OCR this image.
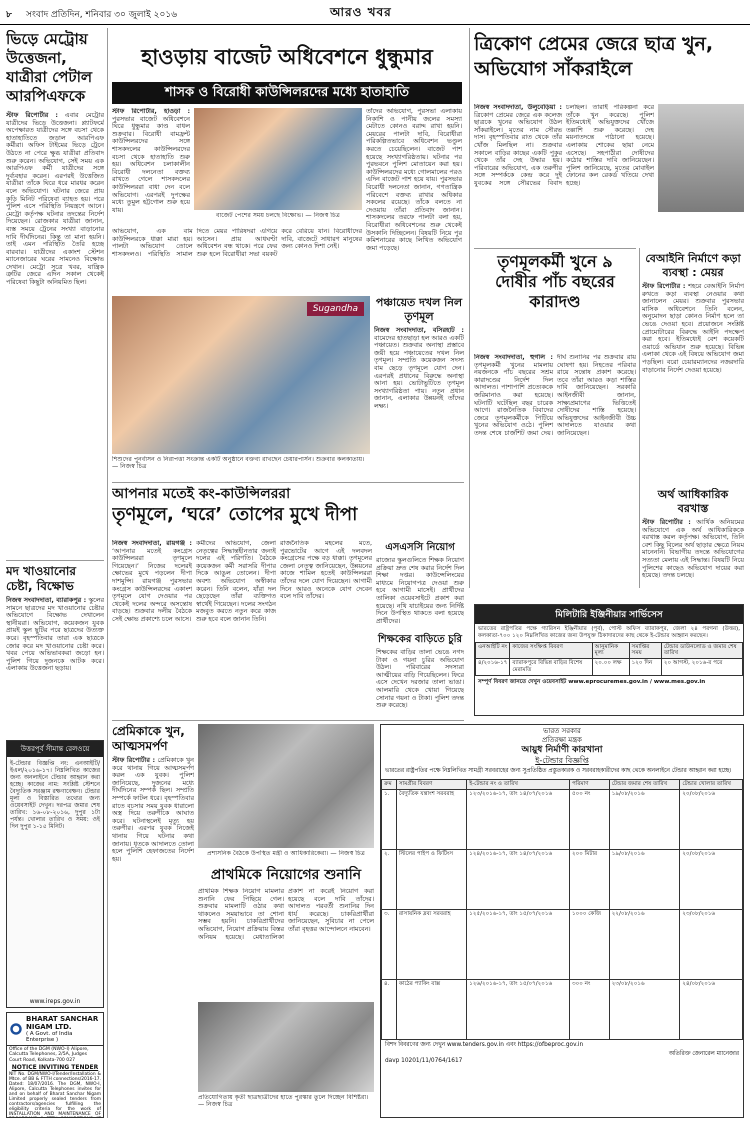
৮ সংবাদ প্রতিদিন, শনিবার ৩০ জুলাই ২০১৬	আরও খবর
ভিড়ে মেট্রোয় উত্তেজনা, যাত্রীরা পেটাল আরপিএফকে
স্টাফ রিপোর্টার : এবার মেট্রোর যাত্রীদের ভিড়ে উত্তেজনা। প্ল্যাটফর্মে অপেক্ষারত যাত্রীদের সঙ্গে বচসা থেকে হাতাহাতিতে জড়াল আরপিএফ কর্মীরা। অফিস টাইমের ভিড়ে ট্রেনে উঠতে না পেরে ক্ষুব্ধ যাত্রীরা প্রতিবাদ শুরু করেন। অভিযোগ, সেই সময় এক আরপিএফ কর্মী যাত্রীদের সঙ্গে দুর্ব্যবহার করেন। এরপরই উত্তেজিত যাত্রীরা তাঁকে ঘিরে ধরে মারধর করেন বলে অভিযোগ। ঘটনার জেরে প্রায় কুড়ি মিনিট পরিষেবা ব্যাহত হয়। পরে পুলিশ এসে পরিস্থিতি নিয়ন্ত্রণে আনে। মেট্রো কর্তৃপক্ষ ঘটনার তদন্তের নির্দেশ দিয়েছেন। রোজকার যাত্রীরা জানান, ব্যস্ত সময়ে ট্রেনের সংখ্যা বাড়ানোর দাবি দীর্ঘদিনের। কিন্তু তা মানা হয়নি। তাই এমন পরিস্থিতি তৈরি হচ্ছে বারবার। যাত্রীদের একাংশ স্টেশন ম্যানেজারের ঘরের সামনেও বিক্ষোভ দেখান। মেট্রো সূত্রে খবর, যান্ত্রিক ত্রুটির জেরে এদিন সকাল থেকেই পরিষেবা কিছুটা অনিয়মিত ছিল।
মদ খাওয়ানোর চেষ্টা, বিক্ষোভ
নিজস্ব সংবাদদাতা, ব্যারাকপুর : স্কুলের সামনে ছাত্রদের মদ খাওয়ানোর চেষ্টার অভিযোগে বিক্ষোভ দেখালেন স্থানীয়রা। অভিযোগ, কয়েকজন যুবক প্রায়ই স্কুল ছুটির পরে ছাত্রদের উত্যক্ত করে। বৃহস্পতিবার তারা এক ছাত্রকে জোর করে মদ খাওয়ানোর চেষ্টা করে। খবর পেয়ে অভিভাবকরা জড়ো হন। পুলিশ গিয়ে দুজনকে আটক করে। এলাকায় উত্তেজনা ছড়ায়।
উত্তরপূর্ব সীমান্ত রেলওয়ে
ই-টেন্ডার বিজ্ঞপ্তি নং: এনআইটি/ইএল/২০১৬-১৭। নিম্নলিখিত কাজের জন্য অনলাইনে টেন্ডার আহ্বান করা হচ্ছে। কাজের নাম: সংশ্লিষ্ট স্টেশনে বৈদ্যুতিক সরঞ্জাম রক্ষণাবেক্ষণ। টেন্ডার মূল্য ও বিস্তারিত তথ্যের জন্য ওয়েবসাইট দেখুন। দরপত্র জমার শেষ তারিখ: ১৬-০৮-২০১৬, দুপুর ১টা পর্যন্ত। খোলার তারিখ ও সময়: ওই দিন দুপুর ১-১৫ মিনিট।
www.ireps.gov.in
BHARAT SANCHAR NIGAM LTD.
( A Govt. of India Enterprise )
Office of the DGM (NWO-I) Alipore, Calcutta Telephones, 2/5A, Judges Court Road, Kolkata-700 027
NOTICE INVITING TENDER
NIT No. DGM/NWO-I/Tender/Installation & Mtce. of BB & FTTH connections/2016-17. Dated: 18/07/2016. The DGM, NWO-I, Alipore, Calcutta Telephones invites for and on behalf of Bharat Sanchar Nigam Limited properly sealed tenders from contractors/agencies fulfilling the eligibility criteria for the work of INSTALLATION AND MAINTENANCE OF
হাওড়ায় বাজেট অধিবেশনে ধুন্ধুমার
শাসক ও বিরোধী কাউন্সিলরদের মধ্যে হাতাহাতি
স্টাফ রিপোর্টার, হাওড়া : পুরসভার বাজেট অধিবেশনে ঘিরে ধুন্ধুমার কাণ্ড বাধল শুক্রবার। বিরোধী বামফ্রন্ট কাউন্সিলরদের সঙ্গে শাসকদলের কাউন্সিলরদের বচসা থেকে হাতাহাতি শুরু হয়। অধিবেশন চলাকালীন বিরোধী দলনেতা বক্তব্য রাখতে গেলে শাসকদলের কাউন্সিলররা বাধা দেন বলে অভিযোগ। এরপরই দুপক্ষের মধ্যে তুমুল হট্টগোল শুরু হয়ে যায়।
বাজেট পেশের সময় চলছে বিক্ষোভ। — নিজস্ব চিত্র
অভিযোগ, এক বাম কাউন্সিলরকে ধাক্কা মারা হয়। পালটা অভিযোগ তোলে শাসকদলও। পরিস্থিতি সামাল দিতে মেয়র পারিষদরা এগিয়ে আসেন। প্রায় আধঘণ্টা অধিবেশন বন্ধ থাকে। পরে ফের শুরু হলে বিরোধীরা সভা বয়কট করে বেরিয়ে যান। বিরোধীদের দাবি, বাজেটে সাধারণ মানুষের জন্য কোনও দিশা নেই।
তাঁদের অভিযোগ, পুরসভা এলাকায় নিকাশি ও পানীয় জলের সমস্যা মেটাতে কোনও বরাদ্দ রাখা হয়নি। মেয়রের পালটা দাবি, বিরোধীরা পরিকল্পিতভাবে অধিবেশন ভণ্ডুল করতে চেয়েছিলেন। বাজেট পাশ হয়েছে সংখ্যাগরিষ্ঠতায়। ঘটনার পর পুরভবনে পুলিশ মোতায়েন করা হয়। কাউন্সিলরদের মধ্যে গোলমালের পরও এদিন বাজেট পাশ হয়ে যায়। পুরসভার বিরোধী দলনেতা জানান, গণতান্ত্রিক পরিবেশে বক্তব্য রাখার অধিকার সকলের রয়েছে। তাঁকে বলতে না দেওয়ায় তাঁরা প্রতিবাদ জানান। শাসকদলের তরফে পালটা বলা হয়, বিরোধীরা অধিবেশনের শুরু থেকেই উসকানি দিচ্ছিলেন। বিষয়টি নিয়ে পুর কমিশনারের কাছে লিখিত অভিযোগ জমা পড়েছে।
Sugandha
শিশুদের পুনর্বাসন ও নিরাপত্তা সংক্রান্ত একটি অনুষ্ঠানে বক্তব্য রাখছেন চেয়ারপার্সন। শুক্রবার কলকাতায়। — নিজস্ব চিত্র
পঞ্চায়েত দখল নিল তৃণমূল
নিজস্ব সংবাদদাতা, বসিরহাট : বামেদের হাতছাড়া হল আরও একটি পঞ্চায়েত। শুক্রবার অনাস্থা প্রস্তাবে জয়ী হয়ে পঞ্চায়েতের দখল নিল তৃণমূল। সম্প্রতি কয়েকজন সদস্য বাম ছেড়ে তৃণমূলে যোগ দেন। এরপরই প্রধানের বিরুদ্ধে অনাস্থা আনা হয়। ভোটাভুটিতে তৃণমূল সংখ্যাগরিষ্ঠতা পায়। নতুন প্রধান জানান, এলাকার উন্নয়নই তাঁদের লক্ষ্য।
আপনার মতেই কং-কাউন্সিলররা
তৃণমূলে, ‘ঘরে’ তোপের মুখে দীপা
নিজস্ব সংবাদদাতা, রায়গঞ্জ : ‘আপনার মতেই কংগ্রেস কাউন্সিলররা তৃণমূলে গিয়েছেন।’ নিজের দলেরই ক্ষোভের মুখে পড়লেন দীপা দাশমুন্সি। রায়গঞ্জ পুরসভার কংগ্রেস কাউন্সিলরদের একাংশ তৃণমূলে যোগ দেওয়ার পর থেকেই দলের অন্দরে অসন্তোষ বাড়ছে। শুক্রবার দলীয় বৈঠকে সেই ক্ষোভ প্রকাশ্যে চলে আসে।
কর্মীদের অভিযোগ, জেলা নেতৃত্বের সিদ্ধান্তহীনতার জন্যই দলের এই পরিণতি। বৈঠকে কয়েকজন কর্মী সরাসরি দীপার দিকে আঙুল তোলেন। দীপা অবশ্য অভিযোগ অস্বীকার করেন। তিনি বলেন, যাঁরা দল ছেড়েছেন তাঁরা ব্যক্তিগত স্বার্থেই গিয়েছেন। দলের সংগঠন মজবুত করতে নতুন করে কাজ শুরু হবে বলে জানান তিনি।
রাজনৈতিক মহলের মতে, পুরভোটের আগে এই দলবদল কংগ্রেসের পক্ষে বড় ধাক্কা। তৃণমূলের জেলা নেতৃত্ব জানিয়েছেন, উন্নয়নের কাজে শামিল হতেই কাউন্সিলররা তাঁদের দলে যোগ দিয়েছেন। আগামী দিনে আরও অনেকে যোগ দেবেন বলে দাবি তাঁদের।
এসএসসি নিয়োগ
রাজ্যের স্কুলগুলিতে শিক্ষক নিয়োগ প্রক্রিয়া দ্রুত শেষ করার নির্দেশ দিল শিক্ষা দপ্তর। কাউন্সেলিংয়ের মাধ্যমে নিয়োগপত্র দেওয়া শুরু হবে আগামী মাসেই। প্রার্থীদের তালিকা ওয়েবসাইটে প্রকাশ করা হয়েছে। নথি যাচাইয়ের জন্য নির্দিষ্ট দিনে উপস্থিত থাকতে বলা হয়েছে প্রার্থীদের।
শিক্ষকের বাড়িতে চুরি
শিক্ষকের বাড়ির তালা ভেঙে নগদ টাকা ও গয়না চুরির অভিযোগ উঠল। পরিবারের সদস্যরা আত্মীয়ের বাড়ি গিয়েছিলেন। ফিরে এসে দেখেন দরজার তালা ভাঙা। আলমারি থেকে খোয়া গিয়েছে সোনার গয়না ও টাকা। পুলিশ তদন্ত শুরু করেছে।
প্রেমিকাকে খুন, আত্মসমর্পণ
স্টাফ রিপোর্টার : প্রেমিকাকে খুন করে থানায় গিয়ে আত্মসমর্পণ করল এক যুবক। পুলিশ জানিয়েছে, দুজনের মধ্যে দীর্ঘদিনের সম্পর্ক ছিল। সম্প্রতি সম্পর্কে ফাটল ধরে। বৃহস্পতিবার রাতে বচসার সময় যুবক ধারালো অস্ত্র দিয়ে তরুণীকে আঘাত করে। ঘটনাস্থলেই মৃত্যু হয় তরুণীর। এরপর যুবক নিজেই থানায় গিয়ে ঘটনার কথা জানায়। ধৃতকে আদালতে তোলা হলে পুলিশি হেফাজতের নির্দেশ হয়।
প্রশাসনিক বৈঠকে উপস্থিত মন্ত্রী ও আধিকারিকেরা। — নিজস্ব চিত্র
প্রাথমিকে নিয়োগের শুনানি
প্রাথমিক শিক্ষক নিয়োগ মামলার শুনানি ফের পিছিয়ে গেল। শুক্রবার মামলাটি ওঠার কথা থাকলেও সময়াভাবে তা শোনা সম্ভব হয়নি। চাকরিপ্রার্থীদের অভিযোগ, নিয়োগ প্রক্রিয়ায় বিস্তর অনিয়ম হয়েছে। মেধাতালিকা প্রকাশ না করেই নিয়োগ করা হয়েছে বলে দাবি তাঁদের। আদালত পরবর্তী শুনানির দিন ধার্য করেছে। চাকরিপ্রার্থীরা জানিয়েছেন, সুবিচার না পেলে তাঁরা বৃহত্তর আন্দোলনে নামবেন।
প্রতিযোগিতায় কৃতী ছাত্রছাত্রীদের হাতে পুরস্কার তুলে দিচ্ছেন বিশিষ্টরা। — নিজস্ব চিত্র
ত্রিকোণ প্রেমের জেরে ছাত্র খুন, অভিযোগ সাঁকরাইলে
নিজস্ব সংবাদদাতা, উলুবেড়িয়া : ত্রিকোণ প্রেমের জেরে এক কলেজ ছাত্রকে খুনের অভিযোগ উঠল সাঁকরাইলে। মৃতের নাম সৌরভ দাস। বৃহস্পতিবার রাত থেকে তাঁর খোঁজ মিলছিল না। শুক্রবার সকালে বাড়ির কাছের একটি পুকুর থেকে তাঁর দেহ উদ্ধার হয়। পরিবারের অভিযোগ, এক তরুণীর সঙ্গে সম্পর্ককে কেন্দ্র করে দুই যুবকের সঙ্গে সৌরভের বিবাদ চলছিল। তারাই পরিকল্পনা করে তাঁকে খুন করেছে। পুলিশ ইতিমধ্যেই অভিযুক্তদের খোঁজে তল্লাশি শুরু করেছে। দেহ ময়নাতদন্তে পাঠানো হয়েছে। এলাকায় শোকের ছায়া নেমে এসেছে। সহপাঠীরা দোষীদের কঠোর শাস্তির দাবি জানিয়েছেন। পুলিশ জানিয়েছে, মৃতের মোবাইল ফোনের কল রেকর্ড খতিয়ে দেখা হচ্ছে।
তৃণমূলকর্মী খুনে ৯ দোষীর পাঁচ বছরের কারাদণ্ড
নিজস্ব সংবাদদাতা, হুগলি : তৃণমূলকর্মী খুনের মামলায় নয়জনকে পাঁচ বছরের সশ্রম কারাদণ্ডের নির্দেশ দিল আদালত। পাশাপাশি প্রত্যেককে জরিমানাও করা হয়েছে। ঘটনাটি ঘটেছিল বছর চারেক আগে। রাজনৈতিক বিবাদের জেরে তৃণমূলকর্মীকে পিটিয়ে খুনের অভিযোগ ওঠে। পুলিশ তদন্ত শেষে চার্জশিট জমা দেয়। দীর্ঘ শুনানির পর শুক্রবার রায় ঘোষণা হয়। নিহতের পরিবার রায়ে সন্তোষ প্রকাশ করেছে। তবে তাঁরা আরও কড়া শাস্তির দাবি জানিয়েছেন। সরকারি আইনজীবী জানান, সাক্ষ্যপ্রমাণের ভিত্তিতেই দোষীদের শাস্তি হয়েছে। অভিযুক্তদের আইনজীবী উচ্চ আদালতে যাওয়ার কথা জানিয়েছেন।
বেআইনি নির্মাণে কড়া ব্যবস্থা : মেয়র
স্টাফ রিপোর্টার : শহরে বেআইনি নির্মাণ রুখতে কড়া ব্যবস্থা নেওয়ার কথা জানালেন মেয়র। শুক্রবার পুরসভার মাসিক অধিবেশনে তিনি বলেন, অনুমোদন ছাড়া কোনও নির্মাণ হলে তা ভেঙে দেওয়া হবে। প্রয়োজনে সংশ্লিষ্ট প্রোমোটারের বিরুদ্ধে আইনি পদক্ষেপ করা হবে। ইতিমধ্যেই বেশ কয়েকটি ওয়ার্ডে অভিযান শুরু হয়েছে। বিভিন্ন এলাকা থেকে এই বিষয়ে অভিযোগ জমা পড়ছিল। বরো চেয়ারম্যানদের নজরদারি বাড়ানোর নির্দেশ দেওয়া হয়েছে।
অর্থ আধিকারিক বরখাস্ত
স্টাফ রিপোর্টার : আর্থিক অনিয়মের অভিযোগে এক অর্থ আধিকারিককে বরখাস্ত করল কর্তৃপক্ষ। অভিযোগ, তিনি বেশ কিছু বিলের অর্থ ছাড়ার ক্ষেত্রে নিয়ম মানেননি। বিভাগীয় তদন্তে অভিযোগের সত্যতা মেলায় এই সিদ্ধান্ত। বিষয়টি নিয়ে পুলিশের কাছেও অভিযোগ দায়ের করা হয়েছে। তদন্ত চলছে।
মিলিটারি ইঞ্জিনীয়ার সার্ভিসেস
ভারতের রাষ্ট্রপতির পক্ষে গ্যারিসন ইঞ্জিনীয়ার (পূর্ব), পোস্ট অফিস ব্যারাকপুর, জেলা ২৪ পরগনা (উত্তর), কলকাতা-৭০০ ১২০ নিম্নলিখিত কাজের জন্য উপযুক্ত ঠিকাদারদের কাছ থেকে ই-টেন্ডার আহ্বান করছেন।
এনআইটি নং	কাজের সংক্ষিপ্ত বিবরণ	আনুমানিক মূল্য	সমাপ্তির সময়	টেন্ডার ডাউনলোড ও জমার শেষ তারিখ
৪/২০১৬-১৭	ব্যারাকপুরে বিভিন্ন বাড়ির বিশেষ মেরামতি	২০.০০ লক্ষ	১২০ দিন	২০ আগস্ট, ২০১৬-র পরে
সম্পূর্ণ বিবরণ জানতে দেখুন ওয়েবসাইট www.eprocuremes.gov.in / www.mes.gov.in
ভারত সরকার
প্রতিরক্ষা মন্ত্রক
আয়ুধ নির্মাণী কারখানা
ই-টেন্ডার বিজ্ঞপ্তি
ভারতের রাষ্ট্রপতির পক্ষে নিম্নলিখিত সামগ্রী সরবরাহের জন্য সুপ্রতিষ্ঠিত প্রস্তুতকারক ও সরবরাহকারীদের কাছ থেকে অনলাইনে টেন্ডার আহ্বান করা হচ্ছে।
ক্রম	সামগ্রীর বিবরণ	ই-টেন্ডার নং ও তারিখ	পরিমাণ	টেন্ডার জমার শেষ তারিখ	টেন্ডার খোলার তারিখ
১.	বৈদ্যুতিক যন্ত্রাংশ সরবরাহ	১২৩/২০১৬-১৭, তাং ১৪/০৭/২০১৬	৫০০ নং	১৯/০৮/২০১৬	২০/০৮/২০১৬
২.	স্টিলের পাইপ ও ফিটিংস	১২৪/২০১৬-১৭, তাং ১৪/০৭/২০১৬	২০০ মিটার	১৯/০৮/২০১৬	২০/০৮/২০১৬
৩.	রাসায়নিক দ্রব্য সরবরাহ	১২৫/২০১৬-১৭, তাং ১৫/০৭/২০১৬	১০০০ কেজি	২২/০৮/২০১৬	২৩/০৮/২০১৬
৪.	কাঠের প্যাকিং বাক্স	১২৬/২০১৬-১৭, তাং ১৫/০৭/২০১৬	৩০০ নং	২৩/০৮/২০১৬	২৪/০৮/২০১৬
বিশদ বিবরণের জন্য দেখুন www.tenders.gov.in এবং https://ofbeproc.gov.in
অতিরিক্ত জেনারেল ম্যানেজার
davp 10201/11/0764/1617
